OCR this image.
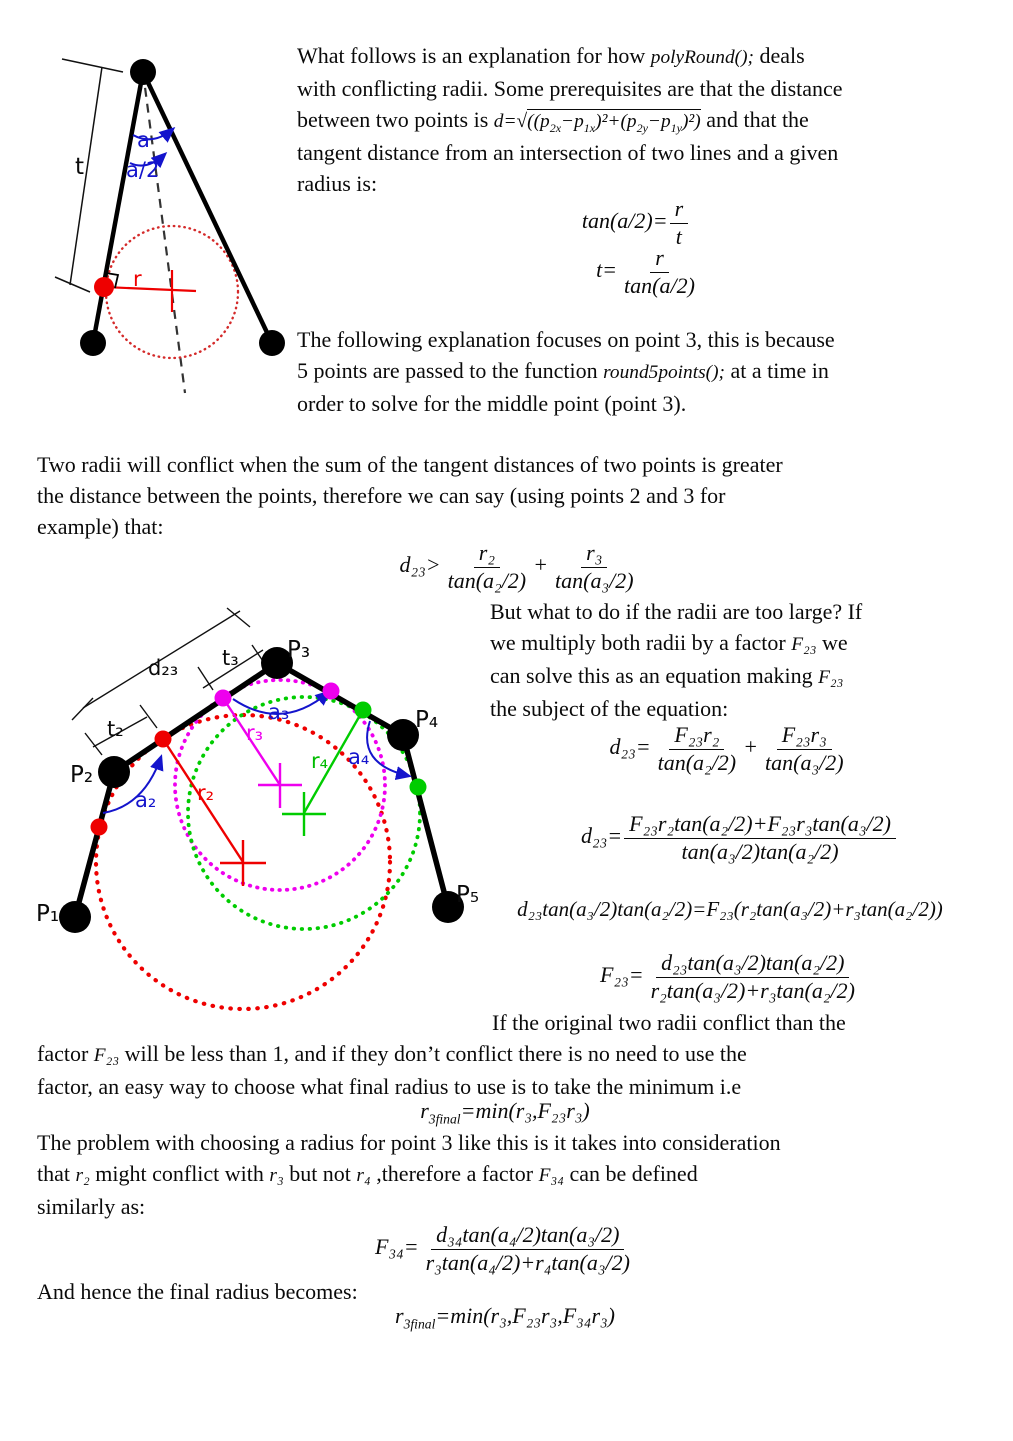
t
a
a/2
r

What follows is an explanation for how polyRound(); deals
with conflicting radii. Some prerequisites are that the distance
between two points is $d=√((p_{2x}-p_{1x})^2+(p_{2y}-p_{1y})^2)$ and that the
tangent distance from an intersection of two lines and a given
radius is:

The following explanation focuses on point 3, this is because
5 points are passed to the function round5points(); at a time in
order to solve for the middle point (point 3).

Two radii will conflict when the sum of the tangent distances of two points is greater
the distance between the points, therefore we can say (using points 2 and 3 for
example) that:

But what to do if the radii are too large? If
we multiply both radii by a factor F₂₃ we
can solve this as an equation making F₂₃
the subject of the equation:

If the original two radii conflict than the
factor F₂₃ will be less than 1, and if they don’t conflict there is no need to use the
factor, an easy way to choose what final radius to use is to take the minimum i.e

The problem with choosing a radius for point 3 like this is it takes into consideration
that r₂ might conflict with r₃ but not r₄ ,therefore a factor F₃₄ can be defined
similarly as:

And hence the final radius becomes:

$\tan(a/2)= \frac{r}{t}$
$t= \frac{r}{\tan(a/2)}$
$d_{23}> \frac{\text{r₂}}{\text{tan(a₂/2)}} + \frac{\text{r₃}}{\text{tan(a₃/2)}}$
$d_{23}= \frac{\text{F₂₃r₂}}{\text{tan(a₂/2)}} + \frac{\text{F₂₃r₃}}{\text{tan(a₃/2)}}$
$d_{23}= \frac{\text{F₂₃r₂tan(a₂/2)+F₂₃r₃tan(a₃/2)}}{\text{tan(a₃/2)tan(a₂/2)}}$
d₂₃tan(a₃/2)tan(a₂/2)=F₂₃(r₂tan(a₃/2)+r₃tan(a₂/2))
$F_{23}= \frac{\text{d₂₃tan(a₃/2)tan(a₂/2)}}{\text{r₂tan(a₃/2)+r₃tan(a₂/2)}}$
$r_{3final}=\min(r_3,F_{23}r_3)$
$F_{34}= \frac{\text{d₃₄tan(a₄/2)tan(a₃/2)}}{\text{r₃tan(a₄/2)+r₄tan(a₃/2)}}$
$r_{3final}=\min(r_3,F_{23}r_3,F_{34}r_3)$
P₁
P₂
P₃
P₄
P₅
d₂₃ t₃
t₂
a₂
a₃
a₄
r₂
r₃
r₄
